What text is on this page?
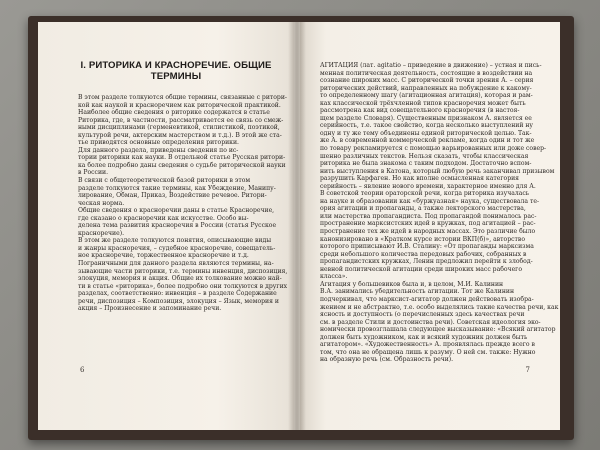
I. РИТОРИКА И КРАСНОРЕЧИЕ. ОБЩИЕ ТЕРМИНЫ
В этом разделе толкуются общие термины, связанные с ритори-
кой как наукой и красноречием как риторической практикой.
Наиболее общие сведения о риторике содержатся в статье
Риторика, где, в частности, рассматривается ее связь со смеж-
ными дисциплинами (герменевтикой, стилистикой, поэтикой,
культурой речи, актерским мастерством и т.д.). В этой же ста-
тье приводятся основные определения риторики.
Для данного раздела, приведены сведения по ис-
тории риторики как науки. В отдельной статье Русская ритори-
ка более подробно даны сведения о судьбе риторической науки
в России.
В связи с общетеоретической базой риторики в этом
разделе толкуются такие термины, как Убеждение, Манипу-
лирование, Обман, Приказ, Воздействие речевое. Ритори-
ческая норма.
Общие сведения о красноречии даны в статье Красноречие,
где сказано о красноречии как искусстве. Особо вы-
делена тема развития красноречия в России (статья Русское
красноречие).
В этом же разделе толкуются понятия, описывающие виды
и жанры красноречия, – судебное красноречие, совещатель-
ное красноречие, торжественное красноречие и т.д.
Пограничными для данного раздела являются термины, на-
зывающие части риторики, т.е. термины инвенция, диспозиция,
элокуция, мемория и акция. Общие их толкование можно най-
ти в статье «риторика», более подробно они толкуются в других
разделах, соответственно: инвенция – в разделе Содержание
речи, диспозиция – Композиция, элокуция – Язык, мемория и
акция – Произнесение и запоминание речи.
6
АГИТАЦИЯ (лат. agitatio – приведение в движение) – устная и пись-
менная политическая деятельность, состоящие в воздействии на
сознание широких масс. С риторической точки зрения А. – серия
риторических действий, направленных на побуждение к какому-
то определенному шагу (агитационная агитация), которая и рам-
ках классической трёхчленной типов красноречия может быть
рассмотрена как вид совещательного красноречия (в настоя-
щем разделе Словаря). Существенным признаком А. является ее
серийность, т.е. такое свойство, когда несколько выступлений ну
одну и ту же тему объединены единой риторической целью. Так-
же А. в современной коммерческой рекламе, когда один и тот же
по товару рекламируется с помощью варьированных или доже совер-
шенно различных текстов. Нельзя сказать, чтобы классическая
риторика не была знакома с таким подходом. Достаточно вспом-
нить выступления в Катона, который любую речь заканчивал призывом
разрушить Карфаген. Но как вполне осмысленная категория
серийность – явление нового времени, характерное именно для А.
В советской теории ораторской речи, когда риторика изучалась
на науке и образовании как «буржуазная» наука, существовала те-
ория агитации и пропаганды, а также лекторского мастерства,
или мастерства пропагандиста. Под пропагандой понималось рас-
пространение марксистских идей в кружках, под агитацией – рас-
пространение тех же идей в народных массах. Это различие было
канонизировано в «Кратком курсе истории ВКП(б)», авторство
которого приписывают И.В. Сталину: «От пропаганды марксизма
среди небольшого количества передовых рабочих, собранных в
пропагандистских кружках, Ленин предложил перейти к злобод-
невной политической агитации среди широких масс рабочего
класса».
Агитация у большевиков была и, в целом, М.И. Калинин
В.А. занимались убедительность агитации. Тот же Калинин
подчеркивал, что марксист-агитатор должен действовать изобра-
жением и не абстрактно, т.е. особо выделялись такие качества речи, как
ясность и доступность (о перечисленных здесь качествах речи
см. в разделе Стили и достоинства речи). Советская идеология эко-
номически провозглашала следующее высказывание: «Всякий агитатор
должен быть художником, как и всякий художник должен быть
агитатором». «Художественность» А. проявлялась прежде всего в
том, что она не обращена лишь к разуму. О ней см. также: Нужно
на образную речь (см. Образность речи).
7
